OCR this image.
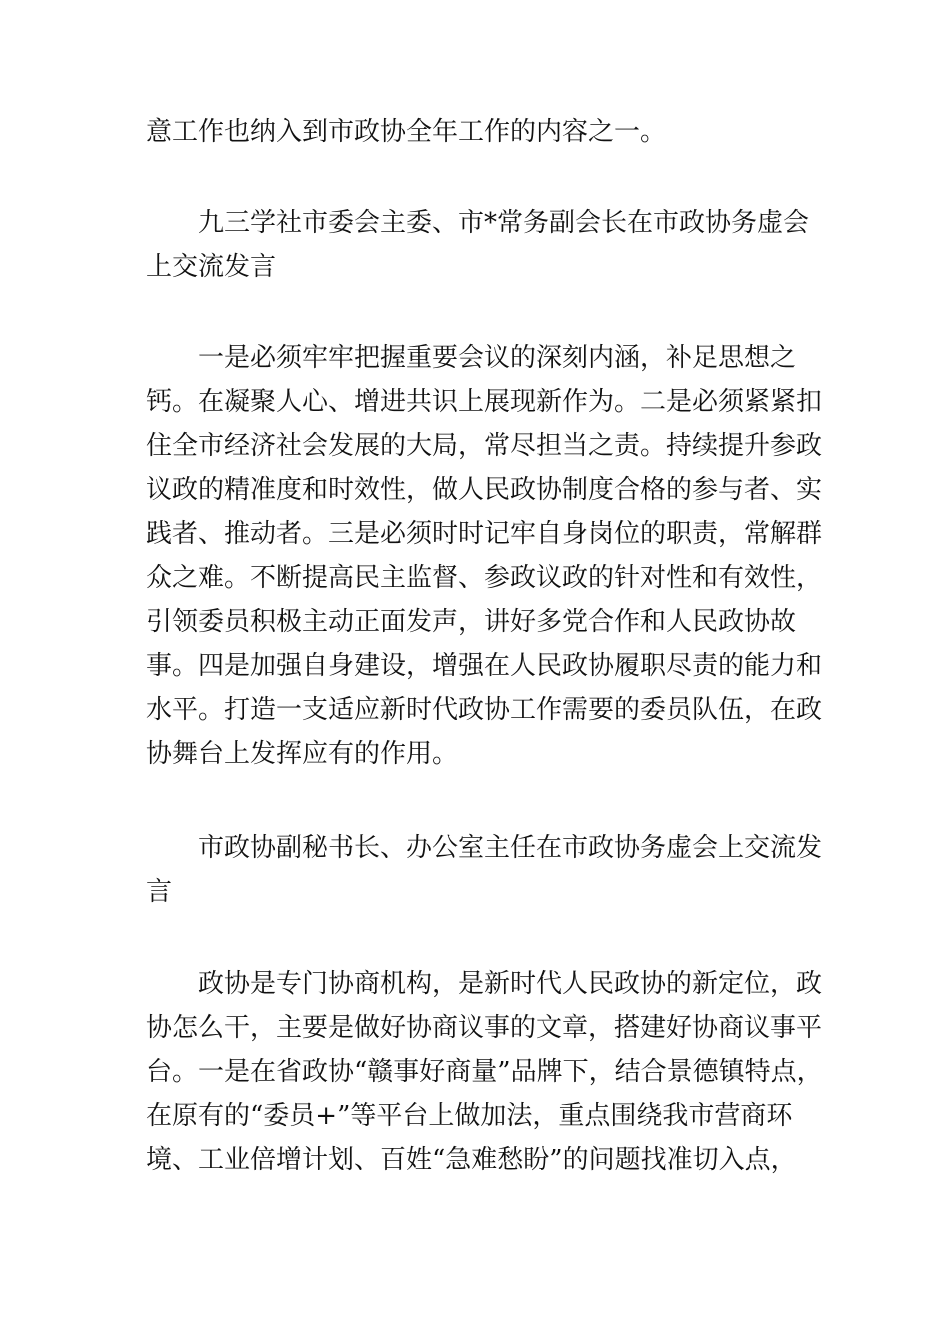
意工作也纳入到市政协全年工作的内容之一。

九三学社市委会主委、市*常务副会长在市政协务虚会

上交流发言

一是必须牢牢把握重要会议的深刻内涵，补足思想之

钙。在凝聚人心、增进共识上展现新作为。二是必须紧紧扣

住全市经济社会发展的大局，常尽担当之责。持续提升参政

议政的精准度和时效性，做人民政协制度合格的参与者、实

践者、推动者。三是必须时时记牢自身岗位的职责，常解群

众之难。不断提高民主监督、参政议政的针对性和有效性，

引领委员积极主动正面发声，讲好多党合作和人民政协故

事。四是加强自身建设，增强在人民政协履职尽责的能力和

水平。打造一支适应新时代政协工作需要的委员队伍，在政

协舞台上发挥应有的作用。

市政协副秘书长、办公室主任在市政协务虚会上交流发

言

政协是专门协商机构，是新时代人民政协的新定位，政

协怎么干，主要是做好协商议事的文章，搭建好协商议事平

台。一是在省政协“赣事好商量”品牌下，结合景德镇特点，

在原有的“委员+”等平台上做加法，重点围绕我市营商环

境、工业倍增计划、百姓“急难愁盼”的问题找准切入点，
